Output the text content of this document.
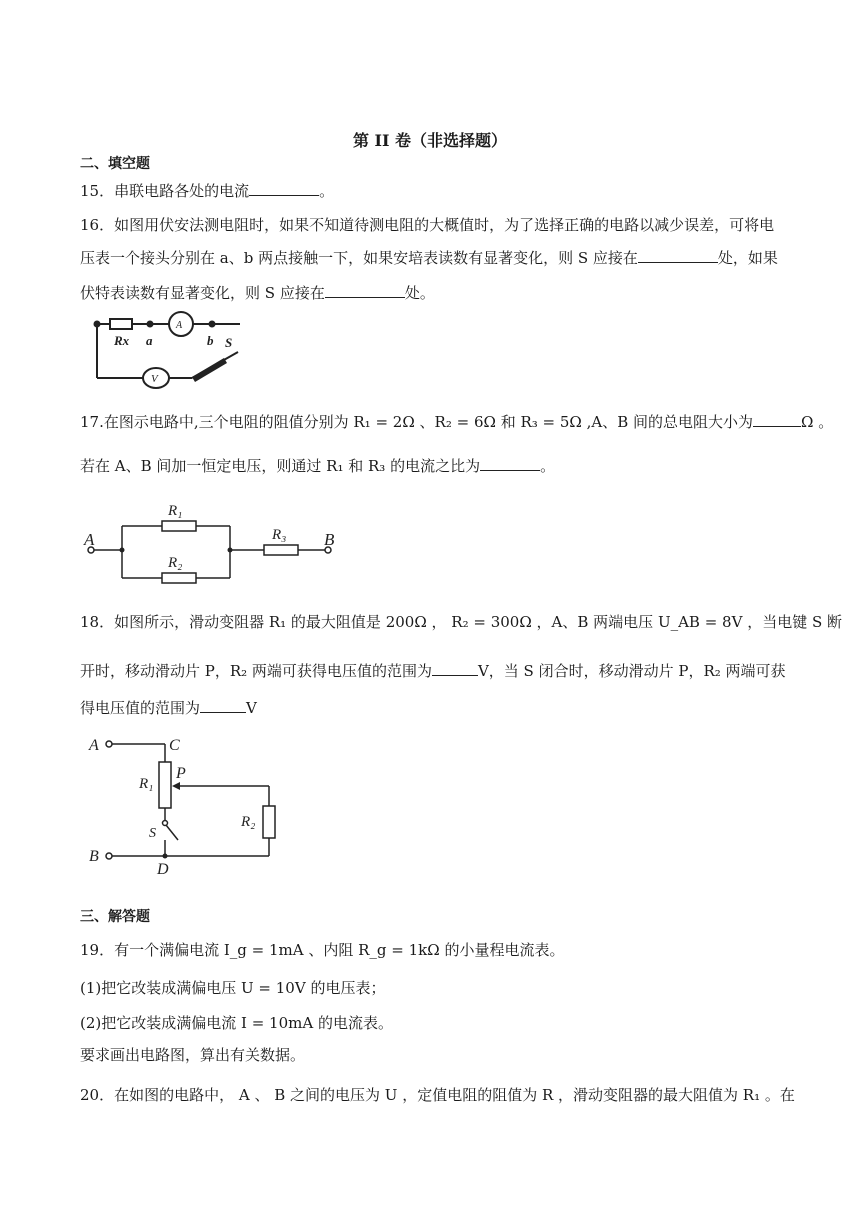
第 II 卷（非选择题）
二、填空题
15．串联电路各处的电流	。
16．如图用伏安法测电阻时，如果不知道待测电阻的大概值时，为了选择正确的电路以减少误差，可将电
压表一个接头分别在 a、b 两点接触一下，如果安培表读数有显著变化，则 S 应接在	处，如果
伏特表读数有显著变化，则 S 应接在	处。
Rx a	b S
V
A
17.在图示电路中,三个电阻的阻值分别为 R₁ = 2Ω 、R₂ = 6Ω 和 R₃ = 5Ω ,A、B 间的总电阻大小为	Ω 。
若在 A、B 间加一恒定电压，则通过 R₁ 和 R₃ 的电流之比为	。
A	B
R₁
R₂
R₃
18．如图所示，滑动变阻器 R₁ 的最大阻值是 200Ω ， R₂ = 300Ω ，A、B 两端电压 U_AB = 8V ，当电键 S 断
开时，移动滑动片 P，R₂ 两端可获得电压值的范围为	V，当 S 闭合时，移动滑动片 P，R₂ 两端可获
得电压值的范围为	V
A
B
C
D
P
S
R₁
R₂
三、解答题
19．有一个满偏电流 I_g = 1mA 、内阻 R_g = 1kΩ 的小量程电流表。
(1)把它改装成满偏电压 U = 10V 的电压表；
(2)把它改装成满偏电流 I = 10mA 的电流表。
要求画出电路图，算出有关数据。
20．在如图的电路中， A 、 B 之间的电压为 U ，定值电阻的阻值为 R ，滑动变阻器的最大阻值为 R₁ 。在
